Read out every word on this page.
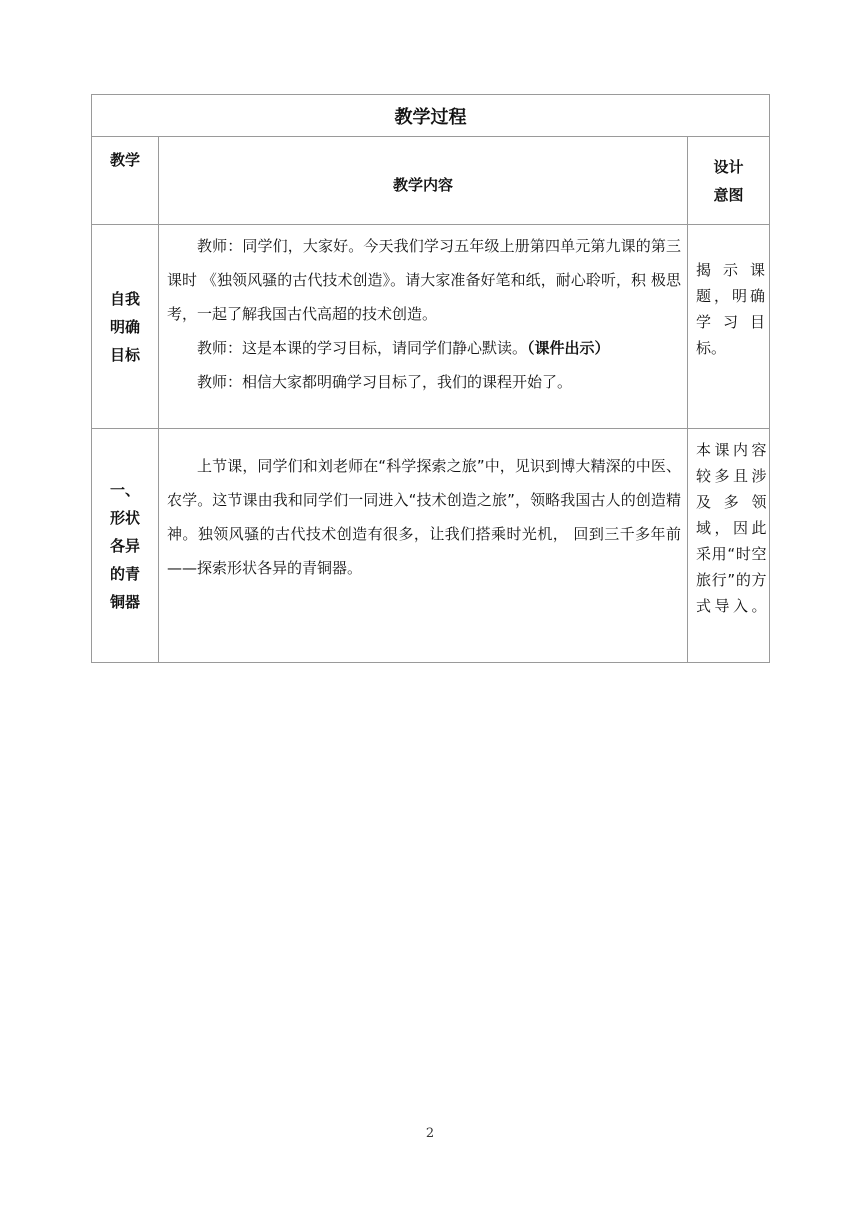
教学过程		
教学	教学内容	设计意图

自我明确目标	教师：同学们，大家好。今天我们学习五年级上册第四单元第九课的第三课时 《独领风骚的古代技术创造》。请大家准备好笔和纸，耐心聆听，积 极思考，一起了解我国古代高超的技术创造。

教师：这是本课的学习目标，请同学们静心默读。（课件出示）

教师：相信大家都明确学习目标了，我们的课程开始了。	揭示课题，明确学习目标。

一、形状各异的青铜器	上节课，同学们和刘老师在“科学探索之旅”中，见识到博大精深的中医、农学。这节课由我和同学们一同进入“技术创造之旅”，领略我国古人的创造精神。独领风骚的古代技术创造有很多，让我们搭乘时光机， 回到三千多年前——探索形状各异的青铜器。	本课内容较多且涉及多领域，因此采用“时空旅行”的方式导入。
2
